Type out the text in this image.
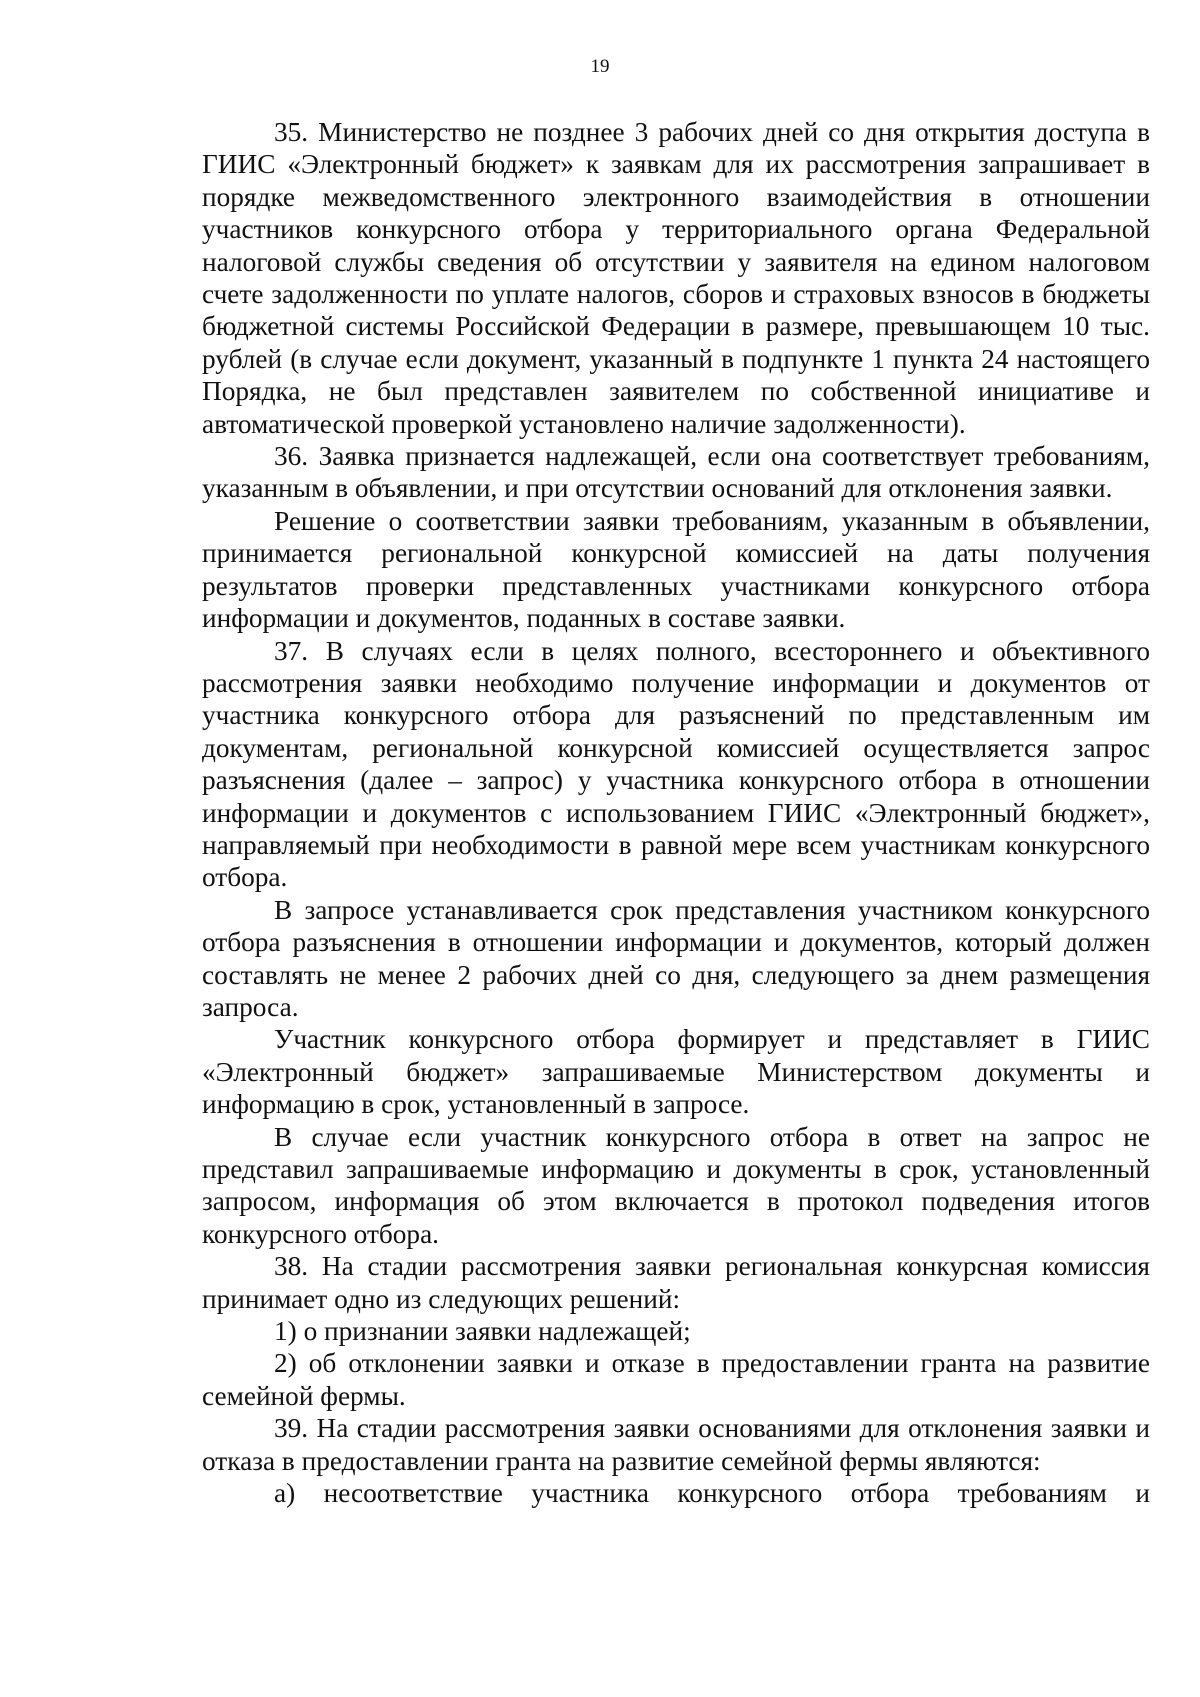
19

35. Министерство не позднее 3 рабочих дней со дня открытия доступа в ГИИС «Электронный бюджет» к заявкам для их рассмотрения запрашивает в порядке межведомственного электронного взаимодействия в отношении участников конкурсного отбора у территориального органа Федеральной налоговой службы сведения об отсутствии у заявителя на едином налоговом счете задолженности по уплате налогов, сборов и страховых взносов в бюджеты бюджетной системы Российской Федерации в размере, превышающем 10 тыс. рублей (в случае если документ, указанный в подпункте 1 пункта 24 настоящего Порядка, не был представлен заявителем по собственной инициативе и автоматической проверкой установлено наличие задолженности).

36. Заявка признается надлежащей, если она соответствует требованиям, указанным в объявлении, и при отсутствии оснований для отклонения заявки.

Решение о соответствии заявки требованиям, указанным в объявлении, принимается региональной конкурсной комиссией на даты получения результатов проверки представленных участниками конкурсного отбора информации и документов, поданных в составе заявки.

37. В случаях если в целях полного, всестороннего и объективного рассмотрения заявки необходимо получение информации и документов от участника конкурсного отбора для разъяснений по представленным им документам, региональной конкурсной комиссией осуществляется запрос разъяснения (далее – запрос) у участника конкурсного отбора в отношении информации и документов с использованием ГИИС «Электронный бюджет», направляемый при необходимости в равной мере всем участникам конкурсного отбора.

В запросе устанавливается срок представления участником конкурсного отбора разъяснения в отношении информации и документов, который должен составлять не менее 2 рабочих дней со дня, следующего за днем размещения запроса.

Участник конкурсного отбора формирует и представляет в ГИИС «Электронный бюджет» запрашиваемые Министерством документы и информацию в срок, установленный в запросе.

В случае если участник конкурсного отбора в ответ на запрос не представил запрашиваемые информацию и документы в срок, установленный запросом, информация об этом включается в протокол подведения итогов конкурсного отбора.

38. На стадии рассмотрения заявки региональная конкурсная комиссия принимает одно из следующих решений:

1) о признании заявки надлежащей;

2) об отклонении заявки и отказе в предоставлении гранта на развитие семейной фермы.

39. На стадии рассмотрения заявки основаниями для отклонения заявки и отказа в предоставлении гранта на развитие семейной фермы являются:

а) несоответствие участника конкурсного отбора требованиям и
